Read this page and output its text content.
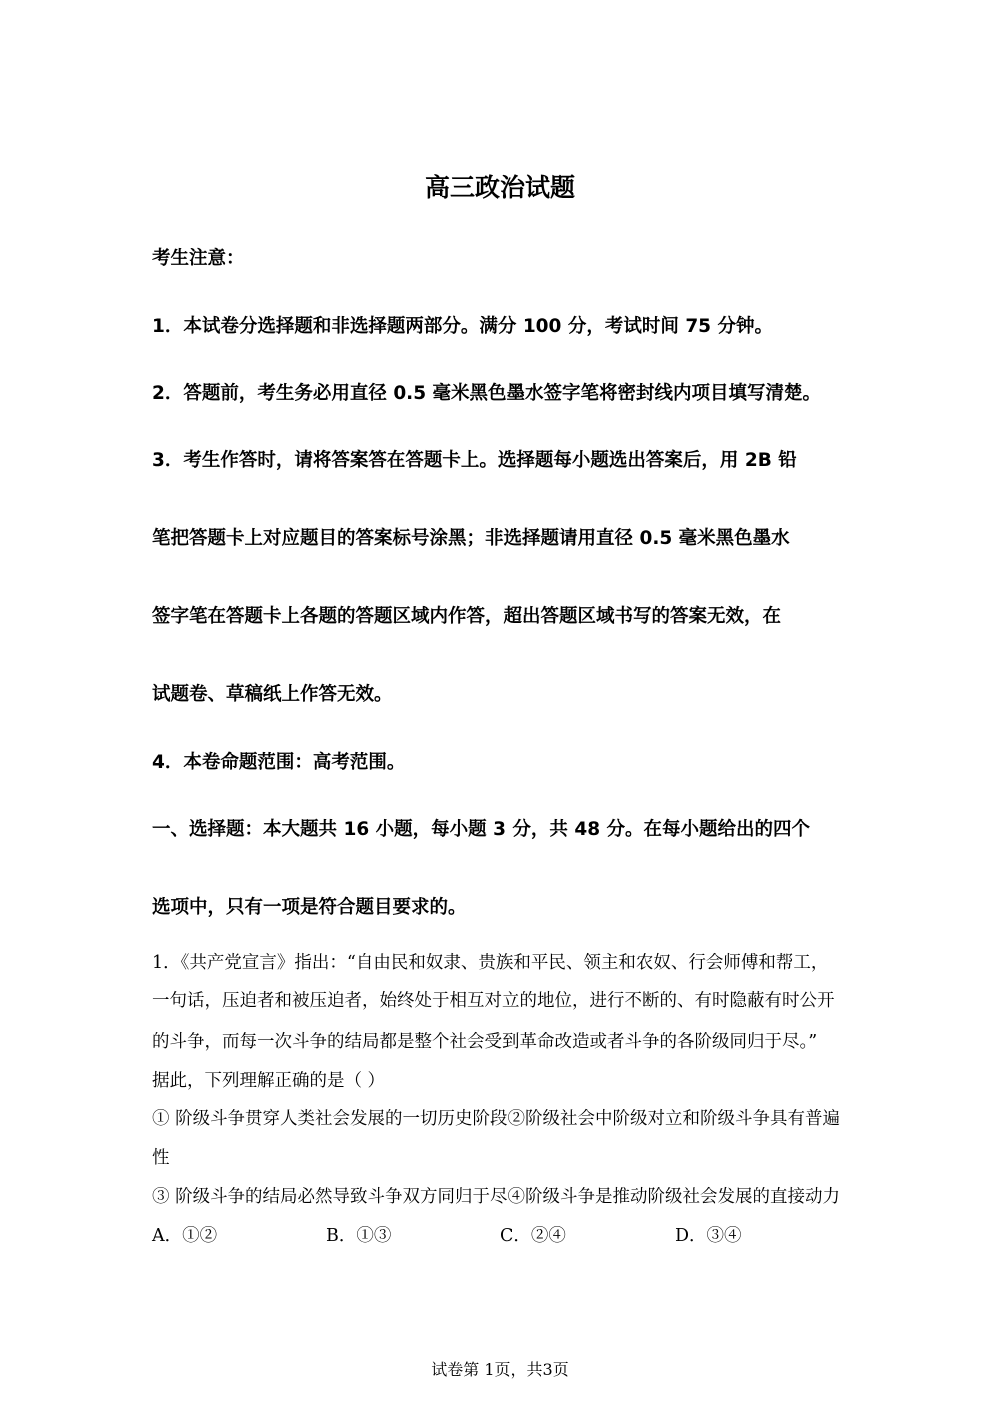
高三政治试题
考生注意：
1．本试卷分选择题和非选择题两部分。满分 100 分，考试时间 75 分钟。
2．答题前，考生务必用直径 0.5 毫米黑色墨水签字笔将密封线内项目填写清楚。
3．考生作答时，请将答案答在答题卡上。选择题每小题选出答案后，用 2B 铅
笔把答题卡上对应题目的答案标号涂黑；非选择题请用直径 0.5 毫米黑色墨水
签字笔在答题卡上各题的答题区域内作答，超出答题区域书写的答案无效，在
试题卷、草稿纸上作答无效。
4．本卷命题范围：高考范围。
一、选择题：本大题共 16 小题，每小题 3 分，共 48 分。在每小题给出的四个
选项中，只有一项是符合题目要求的。
1．《共产党宣言》指出：“自由民和奴隶、贵族和平民、领主和农奴、行会师傅和帮工，
一句话，压迫者和被压迫者，始终处于相互对立的地位，进行不断的、有时隐蔽有时公开
的斗争，而每一次斗争的结局都是整个社会受到革命改造或者斗争的各阶级同归于尽。”
据此，下列理解正确的是（ ）
① 阶级斗争贯穿人类社会发展的一切历史阶段②阶级社会中阶级对立和阶级斗争具有普遍
性
③ 阶级斗争的结局必然导致斗争双方同归于尽④阶级斗争是推动阶级社会发展的直接动力
A．①②	B．①③	C．②④	D．③④
试卷第 1页，共3页
